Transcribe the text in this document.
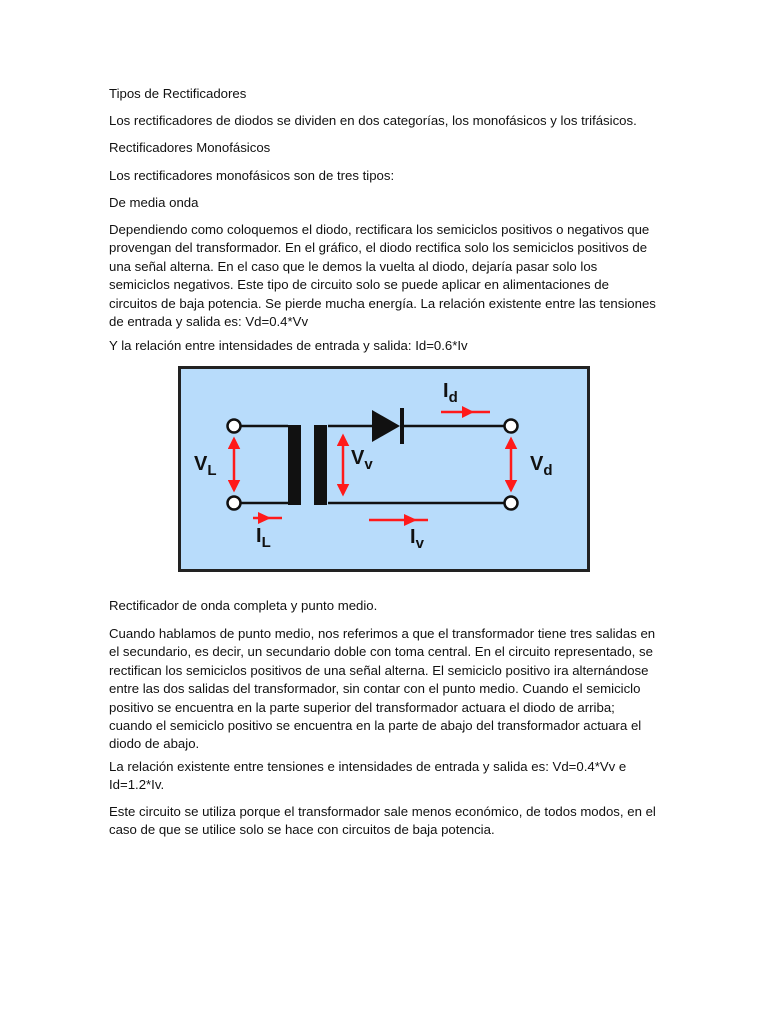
Tipos de Rectificadores

Los rectificadores de diodos se dividen en dos categorías, los monofásicos y los trifásicos.

Rectificadores Monofásicos

Los rectificadores monofásicos son de tres tipos:

De media onda

Dependiendo como coloquemos el diodo, rectificara los semiciclos positivos o negativos que provengan del transformador. En el gráfico, el diodo rectifica solo los semiciclos positivos de una señal alterna. En el caso que le demos la vuelta al diodo, dejaría pasar solo los semiciclos negativos. Este tipo de circuito solo se puede aplicar en alimentaciones de circuitos de baja potencia. Se pierde mucha energía. La relación existente entre las tensiones de entrada y salida es: Vd=0.4*Vv

Y la relación entre intensidades de entrada y salida: Id=0.6*Iv

$V_L$
$V_v$	$V_d$
$I_d$
$I_L$	$I_v$

Rectificador de onda completa y punto medio.

Cuando hablamos de punto medio, nos referimos a que el transformador tiene tres salidas en el secundario, es decir, un secundario doble con toma central. En el circuito representado, se rectifican los semiciclos positivos de una señal alterna. El semiciclo positivo ira alternándose entre las dos salidas del transformador, sin contar con el punto medio. Cuando el semiciclo positivo se encuentra en la parte superior del transformador actuara el diodo de arriba; cuando el semiciclo positivo se encuentra en la parte de abajo del transformador actuara el diodo de abajo.

La relación existente entre tensiones e intensidades de entrada y salida es: Vd=0.4*Vv e Id=1.2*Iv.

Este circuito se utiliza porque el transformador sale menos económico, de todos modos, en el caso de que se utilice solo se hace con circuitos de baja potencia.
